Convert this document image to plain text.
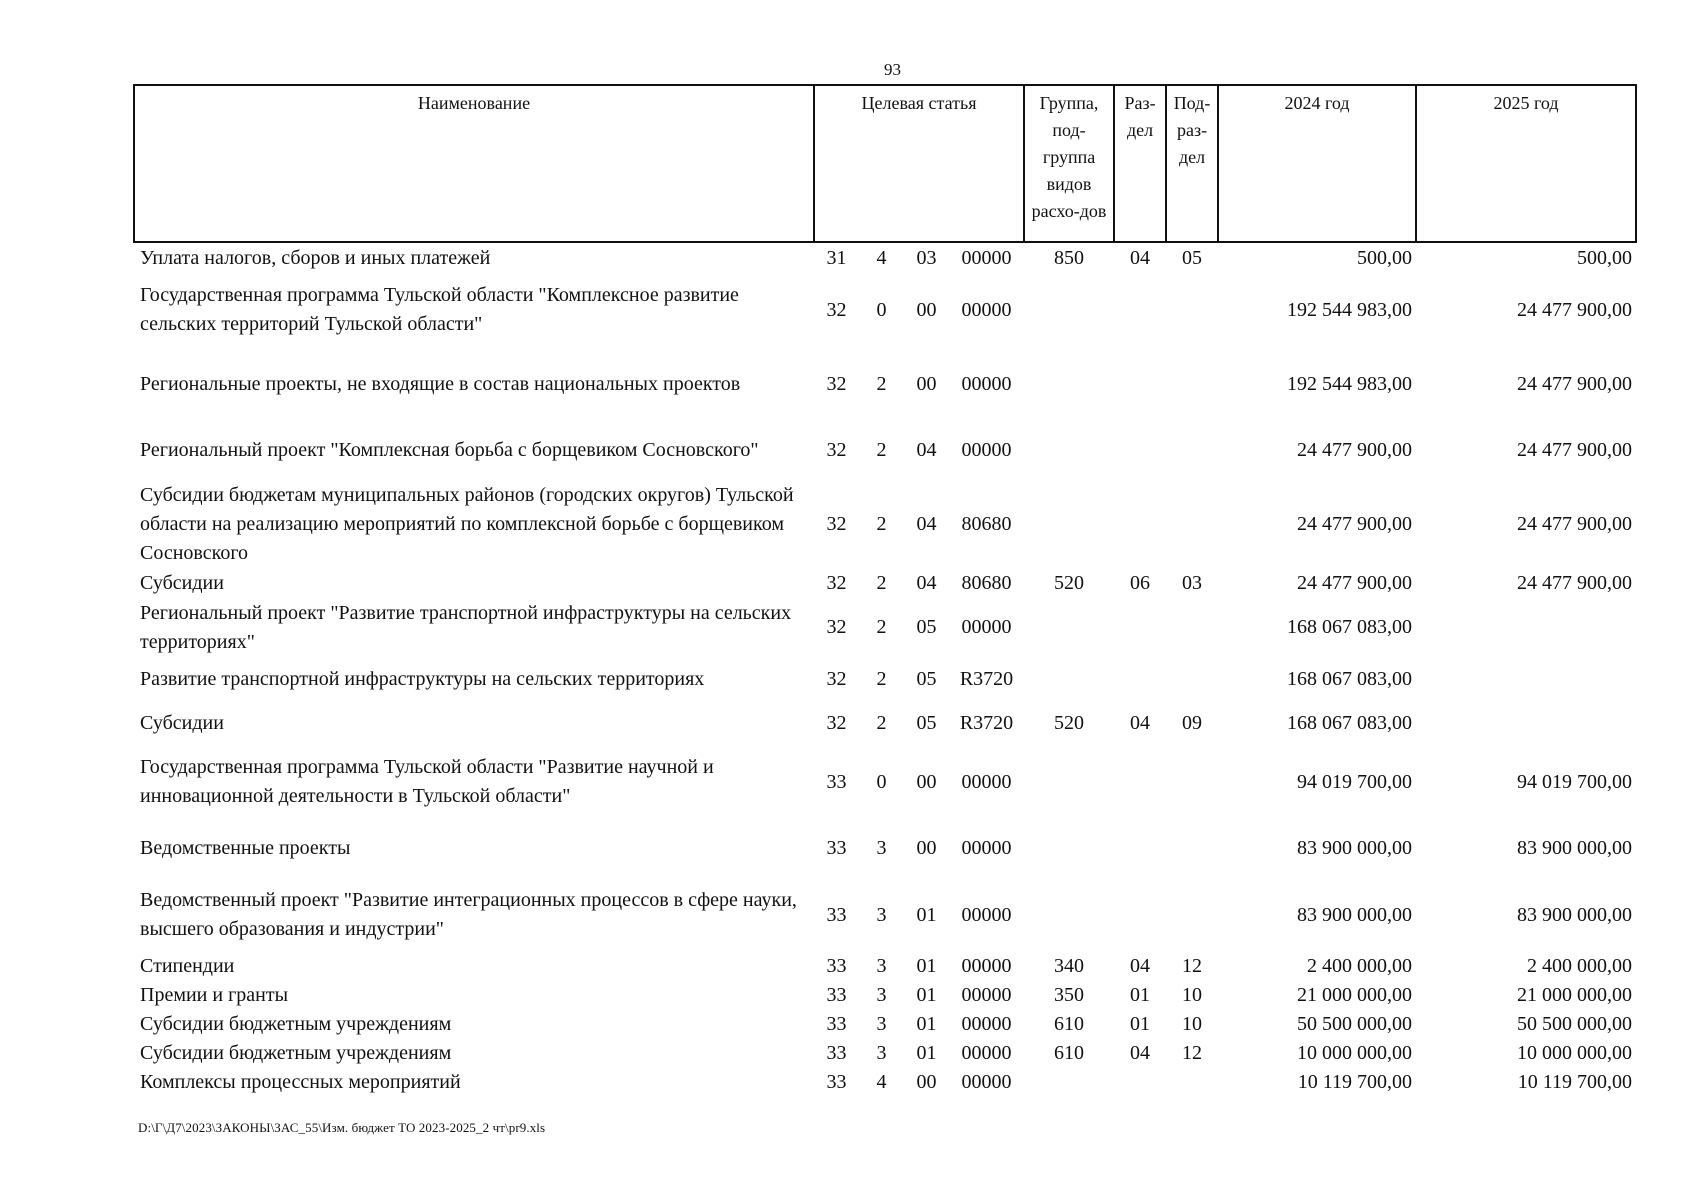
93
Наименование	Целевая статья				Группа, под-группа видов расхо-дов	Раз-дел	Под-раз-дел	2024 год	2025 год
Уплата налогов, сборов и иных платежей	31	4	03	00000	850	04	05	500,00	500,00
Государственная программа Тульской области "Комплексное развитие сельских территорий Тульской области"	32	0	00	00000				192 544 983,00	24 477 900,00
Региональные проекты, не входящие в состав национальных проектов	32	2	00	00000				192 544 983,00	24 477 900,00
Региональный проект "Комплексная борьба с борщевиком Сосновского"	32	2	04	00000				24 477 900,00	24 477 900,00
Субсидии бюджетам муниципальных районов (городских округов) Тульской области на реализацию мероприятий по комплексной борьбе с борщевиком Сосновского	32	2	04	80680				24 477 900,00	24 477 900,00
Субсидии	32	2	04	80680	520	06	03	24 477 900,00	24 477 900,00
Региональный проект "Развитие транспортной инфраструктуры на сельских территориях"	32	2	05	00000				168 067 083,00	
Развитие транспортной инфраструктуры на сельских территориях	32	2	05	R3720				168 067 083,00	
Субсидии	32	2	05	R3720	520	04	09	168 067 083,00	
Государственная программа Тульской области "Развитие научной и инновационной деятельности в Тульской области"	33	0	00	00000				94 019 700,00	94 019 700,00
Ведомственные проекты	33	3	00	00000				83 900 000,00	83 900 000,00
Ведомственный проект "Развитие интеграционных процессов в сфере науки, высшего образования и индустрии"	33	3	01	00000				83 900 000,00	83 900 000,00
Стипендии	33	3	01	00000	340	04	12	2 400 000,00	2 400 000,00
Премии и гранты	33	3	01	00000	350	01	10	21 000 000,00	21 000 000,00
Субсидии бюджетным учреждениям	33	3	01	00000	610	01	10	50 500 000,00	50 500 000,00
Субсидии бюджетным учреждениям	33	3	01	00000	610	04	12	10 000 000,00	10 000 000,00
Комплексы процессных мероприятий	33	4	00	00000				10 119 700,00	10 119 700,00
D:\Г\Д7\2023\ЗАКОНЫ\ЗАС_55\Изм. бюджет ТО 2023-2025_2 чт\pr9.xls
